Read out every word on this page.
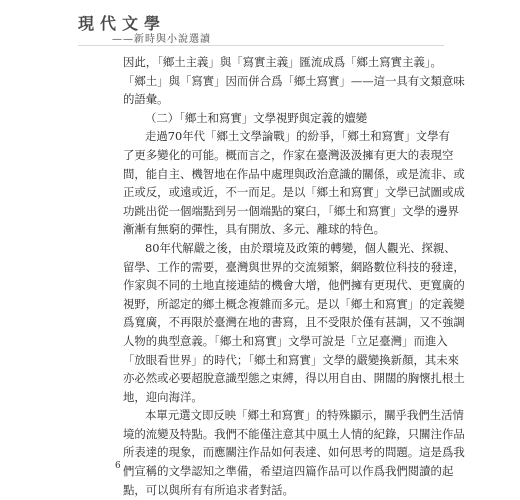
現代文學
——新時與小說選讀
因此，「鄉土主義」與「寫實主義」匯流成爲「鄉土寫實主義」。
「鄉土」與「寫實」因而併合爲「鄉土寫實」——這一具有文類意味
的語彙。
（二）「鄉土和寫實」文學視野與定義的嬗變
走過70年代「鄉土文學論戰」的紛爭，「鄉土和寫實」文學有
了更多變化的可能。概而言之，作家在臺灣汲汲擁有更大的表現空
間，能自主、機智地在作品中處理與政治意識的關係，或是流非、或
正或反，或遠或近，不一而足。是以「鄉土和寫實」文學已試圖或成
功跳出從一個端點到另一個端點的窠臼，「鄉土和寫實」文學的邊界
漸漸有無窮的彈性，具有開放、多元、離球的特色。
80年代解嚴之後，由於環境及政策的轉變，個人觀光、探親、
留學、工作的需要，臺灣與世界的交流頻繁，網路數位科技的發達，
作家與不同的土地直接連結的機會大增，他們擁有更現代、更寬廣的
視野，所認定的鄉土概念複雜而多元。是以「鄉土和寫實」的定義變
爲寬廣，不再限於臺灣在地的書寫，且不受限於僅有甚調，又不強調
人物的典型意義。「鄉土和寫實」文學可說是「立足臺灣」而進入
「放眼看世界」的時代；「鄉土和寫實」文學的嚴變換新顏，其未來
亦必然或必要超脫意識型態之束縛，得以用自由、開闊的胸懷扎根土
地，迎向海洋。
本單元選文即反映「鄉土和寫實」的特殊顯示，關乎我們生活情
境的流變及特點。我們不能僅注意其中風土人情的紀錄，只關注作品
所表達的現象，而應關注作品如何表達、如何思考的問題。這是爲我
們宣稱的文學認知之準備，希望這四篇作品可以作爲我們閱讀的起
點，可以與所有有所追求者對話。
6
